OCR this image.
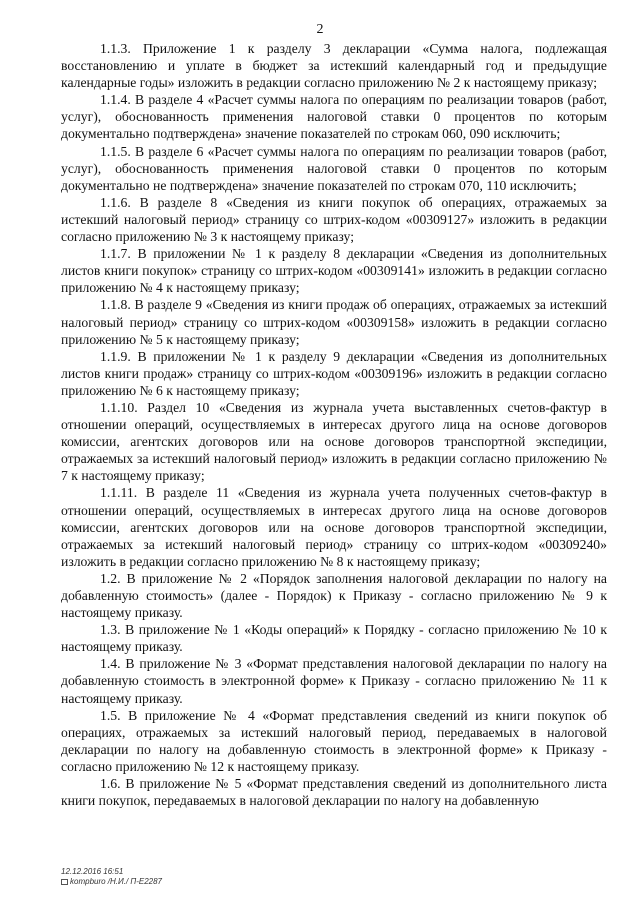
2

1.1.3. Приложение 1 к разделу 3 декларации «Сумма налога, подлежащая восстановлению и уплате в бюджет за истекший календарный год и предыдущие календарные годы» изложить в редакции согласно приложению № 2 к настоящему приказу;

1.1.4. В разделе 4 «Расчет суммы налога по операциям по реализации товаров (работ, услуг), обоснованность применения налоговой ставки 0 процентов по которым документально подтверждена» значение показателей по строкам 060, 090 исключить;

1.1.5. В разделе 6 «Расчет суммы налога по операциям по реализации товаров (работ, услуг), обоснованность применения налоговой ставки 0 процентов по которым документально не подтверждена» значение показателей по строкам 070, 110 исключить;

1.1.6. В разделе 8 «Сведения из книги покупок об операциях, отражаемых за истекший налоговый период» страницу со штрих-кодом «00309127» изложить в редакции согласно приложению № 3 к настоящему приказу;

1.1.7. В приложении № 1 к разделу 8 декларации «Сведения из дополнительных листов книги покупок» страницу со штрих-кодом «00309141» изложить в редакции согласно приложению № 4 к настоящему приказу;

1.1.8. В разделе 9 «Сведения из книги продаж об операциях, отражаемых за истекший налоговый период» страницу со штрих-кодом «00309158» изложить в редакции согласно приложению № 5 к настоящему приказу;

1.1.9. В приложении № 1 к разделу 9 декларации «Сведения из дополнительных листов книги продаж» страницу со штрих-кодом «00309196» изложить в редакции согласно приложению № 6 к настоящему приказу;

1.1.10. Раздел 10 «Сведения из журнала учета выставленных счетов-фактур в отношении операций, осуществляемых в интересах другого лица на основе договоров комиссии, агентских договоров или на основе договоров транспортной экспедиции, отражаемых за истекший налоговый период» изложить в редакции согласно приложению № 7 к настоящему приказу;

1.1.11. В разделе 11 «Сведения из журнала учета полученных счетов-фактур в отношении операций, осуществляемых в интересах другого лица на основе договоров комиссии, агентских договоров или на основе договоров транспортной экспедиции, отражаемых за истекший налоговый период» страницу со штрих-кодом «00309240» изложить в редакции согласно приложению № 8 к настоящему приказу;

1.2. В приложение № 2 «Порядок заполнения налоговой декларации по налогу на добавленную стоимость» (далее - Порядок) к Приказу - согласно приложению № 9 к настоящему приказу.

1.3. В приложение № 1 «Коды операций» к Порядку - согласно приложению № 10 к настоящему приказу.

1.4. В приложение № 3 «Формат представления налоговой декларации по налогу на добавленную стоимость в электронной форме» к Приказу - согласно приложению № 11 к настоящему приказу.

1.5. В приложение № 4 «Формат представления сведений из книги покупок об операциях, отражаемых за истекший налоговый период, передаваемых в налоговой декларации по налогу на добавленную стоимость в электронной форме» к Приказу - согласно приложению № 12 к настоящему приказу.

1.6. В приложение № 5 «Формат представления сведений из дополнительного листа книги покупок, передаваемых в налоговой декларации по налогу на добавленную

12.12.2016 16:51
kompburo /Н.И./ П-Е2287
